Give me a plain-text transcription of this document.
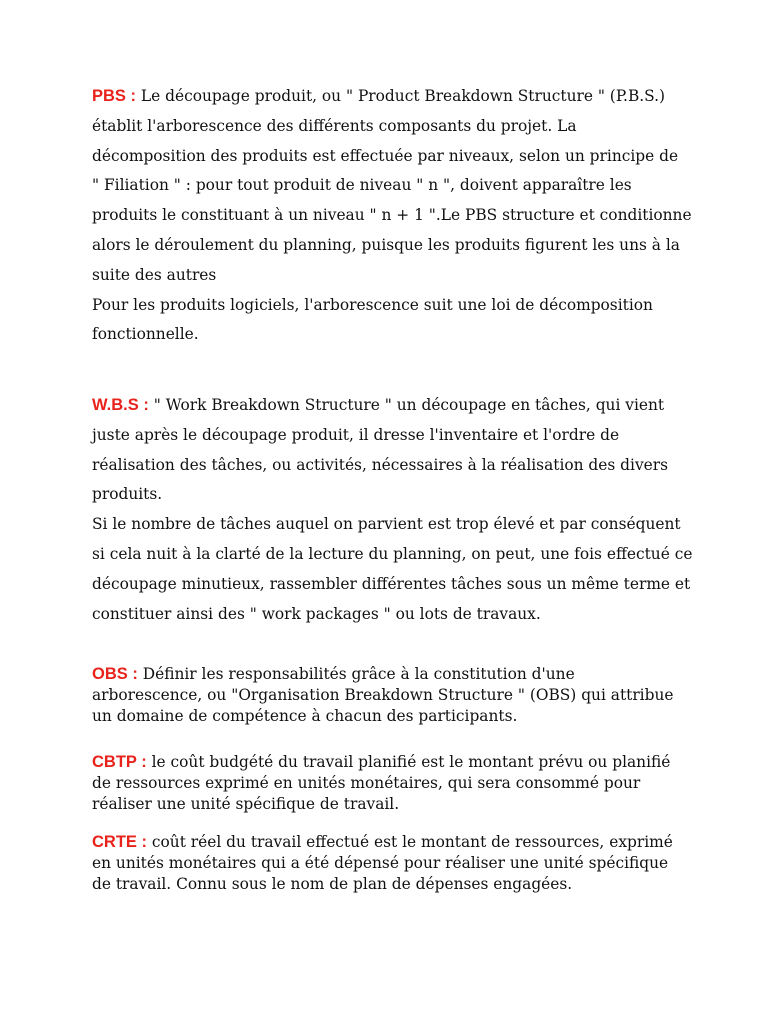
PBS : Le découpage produit, ou " Product Breakdown Structure " (P.B.S.)

établit l'arborescence des différents composants du projet. La

décomposition des produits est effectuée par niveaux, selon un principe de

" Filiation " : pour tout produit de niveau " n ", doivent apparaître les

produits le constituant à un niveau " n + 1 ".Le PBS structure et conditionne

alors le déroulement du planning, puisque les produits figurent les uns à la

suite des autres

Pour les produits logiciels, l'arborescence suit une loi de décomposition

fonctionnelle.

W.B.S : " Work Breakdown Structure " un découpage en tâches, qui vient

juste après le découpage produit, il dresse l'inventaire et l'ordre de

réalisation des tâches, ou activités, nécessaires à la réalisation des divers

produits.

Si le nombre de tâches auquel on parvient est trop élevé et par conséquent

si cela nuit à la clarté de la lecture du planning, on peut, une fois effectué ce

découpage minutieux, rassembler différentes tâches sous un même terme et

constituer ainsi des " work packages " ou lots de travaux.

OBS : Définir les responsabilités grâce à la constitution d'une

arborescence, ou "Organisation Breakdown Structure " (OBS) qui attribue

un domaine de compétence à chacun des participants.

CBTP : le coût budgété du travail planifié est le montant prévu ou planifié

de ressources exprimé en unités monétaires, qui sera consommé pour

réaliser une unité spécifique de travail.

CRTE : coût réel du travail effectué est le montant de ressources, exprimé

en unités monétaires qui a été dépensé pour réaliser une unité spécifique

de travail. Connu sous le nom de plan de dépenses engagées.
